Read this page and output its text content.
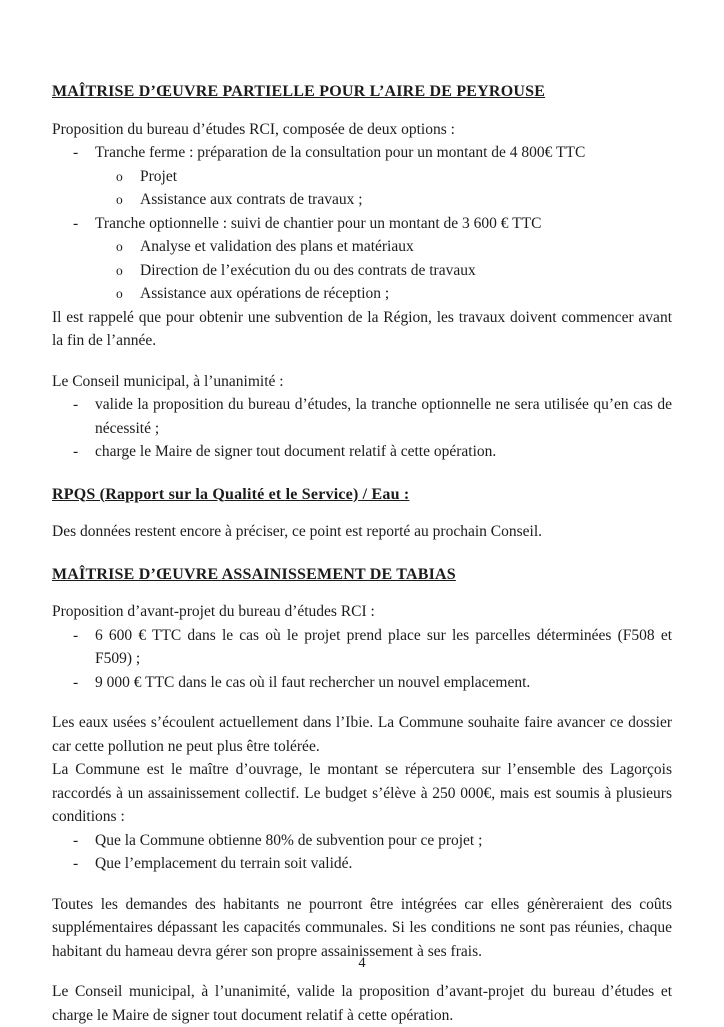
MAÎTRISE D’ŒUVRE PARTIELLE POUR L’AIRE DE PEYROUSE
Proposition du bureau d’études RCI, composée de deux options :
- Tranche ferme : préparation de la consultation pour un montant de 4 800€ TTC
o Projet
o Assistance aux contrats de travaux ;
- Tranche optionnelle : suivi de chantier pour un montant de 3 600 € TTC
o Analyse et validation des plans et matériaux
o Direction de l’exécution du ou des contrats de travaux
o Assistance aux opérations de réception ;
Il est rappelé que pour obtenir une subvention de la Région, les travaux doivent commencer avant la fin de l’année.
Le Conseil municipal, à l’unanimité :
- valide la proposition du bureau d’études, la tranche optionnelle ne sera utilisée qu’en cas de nécessité ;
- charge le Maire de signer tout document relatif à cette opération.
RPQS (Rapport sur la Qualité et le Service) / Eau :
Des données restent encore à préciser, ce point est reporté au prochain Conseil.
MAÎTRISE D’ŒUVRE ASSAINISSEMENT DE TABIAS
Proposition d’avant-projet du bureau d’études RCI :
- 6 600 € TTC dans le cas où le projet prend place sur les parcelles déterminées (F508 et F509) ;
- 9 000 € TTC dans le cas où il faut rechercher un nouvel emplacement.
Les eaux usées s’écoulent actuellement dans l’Ibie. La Commune souhaite faire avancer ce dossier car cette pollution ne peut plus être tolérée.
La Commune est le maître d’ouvrage, le montant se répercutera sur l’ensemble des Lagorçois raccordés à un assainissement collectif. Le budget s’élève à 250 000€, mais est soumis à plusieurs conditions :
- Que la Commune obtienne 80% de subvention pour ce projet ;
- Que l’emplacement du terrain soit validé.
Toutes les demandes des habitants ne pourront être intégrées car elles génèreraient des coûts supplémentaires dépassant les capacités communales. Si les conditions ne sont pas réunies, chaque habitant du hameau devra gérer son propre assainissement à ses frais.
Le Conseil municipal, à l’unanimité, valide la proposition d’avant-projet du bureau d’études et charge le Maire de signer tout document relatif à cette opération.
4
